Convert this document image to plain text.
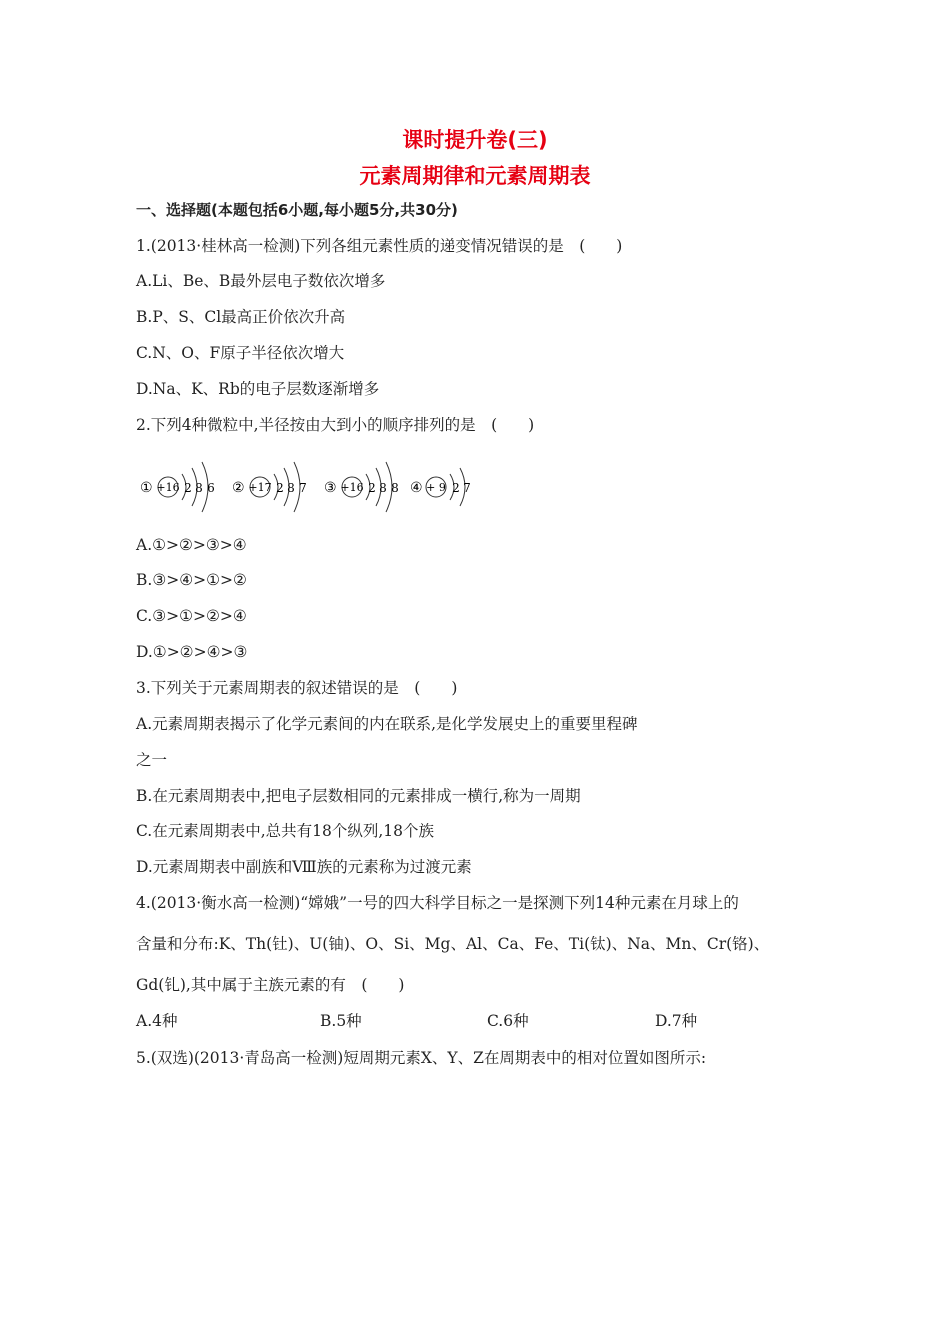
课时提升卷(三)
元素周期律和元素周期表
一、选择题(本题包括6小题,每小题5分,共30分)
1.(2013·桂林高一检测)下列各组元素性质的递变情况错误的是　(　　)
A.Li、Be、B最外层电子数依次增多
B.P、S、Cl最高正价依次升高
C.N、O、F原子半径依次增大
D.Na、K、Rb的电子层数逐渐增多
2.下列4种微粒中,半径按由大到小的顺序排列的是　(　　)
① +16 2 8 6 ② +17 2 8 7 ③ +16 2 8 8 ④ + 9 2 7
A.①>②>③>④
B.③>④>①>②
C.③>①>②>④
D.①>②>④>③
3.下列关于元素周期表的叙述错误的是　(　　)
A.元素周期表揭示了化学元素间的内在联系,是化学发展史上的重要里程碑
之一
B.在元素周期表中,把电子层数相同的元素排成一横行,称为一周期
C.在元素周期表中,总共有18个纵列,18个族
D.元素周期表中副族和Ⅷ族的元素称为过渡元素
4.(2013·衡水高一检测)“嫦娥”一号的四大科学目标之一是探测下列14种元素在月球上的
含量和分布:K、Th(钍)、U(铀)、O、Si、Mg、Al、Ca、Fe、Ti(钛)、Na、Mn、Cr(铬)、
Gd(钆),其中属于主族元素的有　(　　)
A.4种	B.5种	C.6种	D.7种
5.(双选)(2013·青岛高一检测)短周期元素X、Y、Z在周期表中的相对位置如图所示:
